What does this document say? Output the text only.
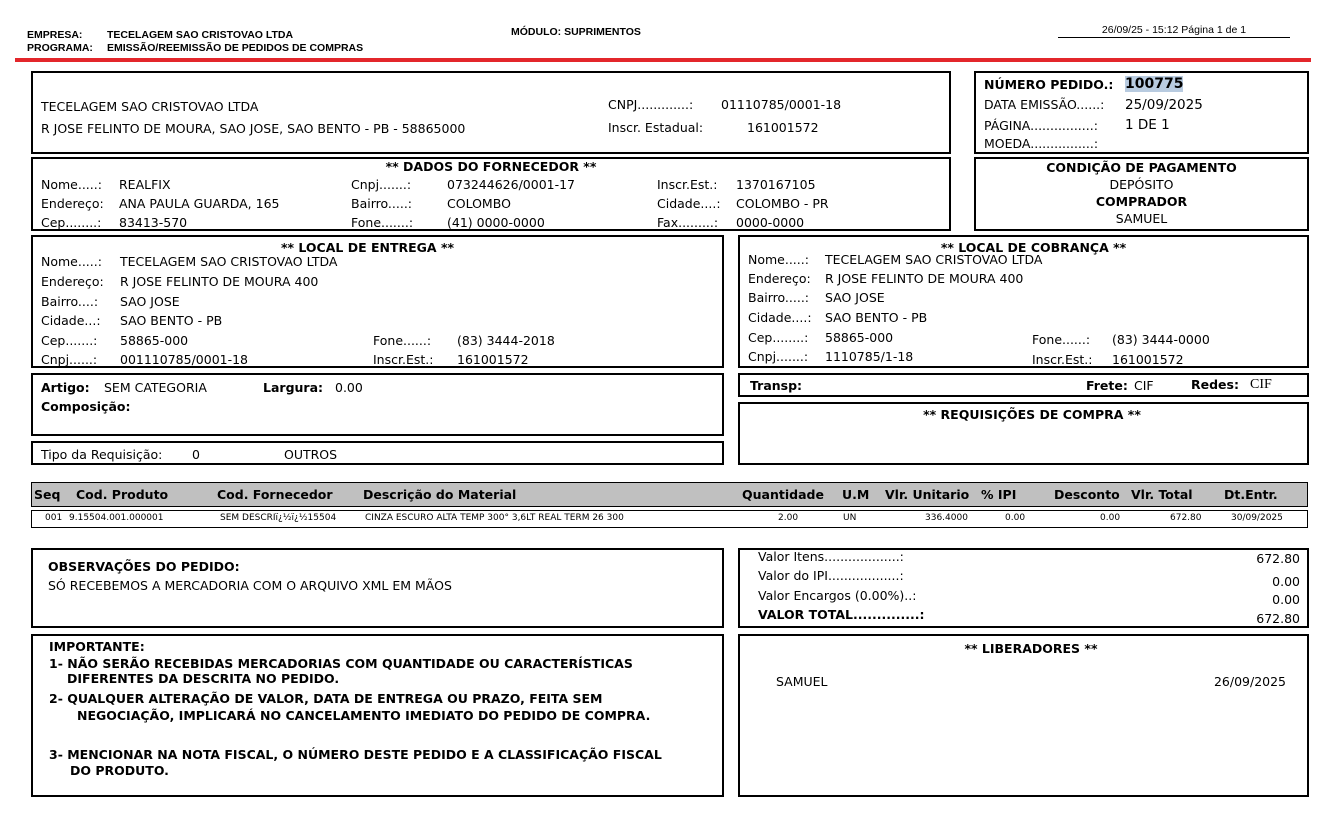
EMPRESA: TECELAGEM SAO CRISTOVAO LTDA
PROGRAMA: EMISSÃO/REEMISSÃO DE PEDIDOS DE COMPRAS
MÓDULO: SUPRIMENTOS	26/09/25 - 15:12 Página 1 de 1
TECELAGEM SAO CRISTOVAO LTDA
R JOSE FELINTO DE MOURA, SAO JOSE, SAO BENTO - PB - 58865000
CNPJ.............: 01110785/0001-18
Inscr. Estadual:	161001572
NÚMERO PEDIDO.: 100775
DATA EMISSÃO......: 25/09/2025
PÁGINA................: 1 DE 1
MOEDA................:
** DADOS DO FORNECEDOR **
Nome.....: REALFIX
Endereço: ANA PAULA GUARDA, 165
Cep........: 83413-570
Cnpj.......:	073244626/0001-17
Bairro.....:	COLOMBO
Fone.......:	(41) 0000-0000
Inscr.Est.: 1370167105
Cidade....: COLOMBO - PR
Fax.........: 0000-0000
CONDIÇÃO DE PAGAMENTO
DEPÓSITO
COMPRADOR
SAMUEL
** LOCAL DE ENTREGA **
Nome.....: TECELAGEM SAO CRISTOVAO LTDA
Endereço: R JOSE FELINTO DE MOURA 400
Bairro....: SAO JOSE
Cidade...: SAO BENTO - PB
Cep.......: 58865-000
Cnpj......: 001110785/0001-18
Fone......: (83) 3444-2018
Inscr.Est.: 161001572
** LOCAL DE COBRANÇA **
Nome.....: TECELAGEM SAO CRISTOVAO LTDA
Endereço: R JOSE FELINTO DE MOURA 400
Bairro.....: SAO JOSE
Cidade....: SAO BENTO - PB
Cep........: 58865-000
Cnpj.......: 1110785/1-18
Fone......: (83) 3444-0000
Inscr.Est.: 161001572
Artigo: SEM CATEGORIA	Largura: 0.00
Composição:
Transp:	Frete: CIF	Redes: CIF
Tipo da Requisição: 0	OUTROS
** REQUISIÇÕES DE COMPRA **
Seq Cod. Produto	Cod. Fornecedor Descrição do Material	Quantidade U.M Vlr. Unitario % IPI	Desconto Vlr. Total	Dt.Entr.
001 9.15504.001.000001	SEM DESCRIï¿½ï¿½15504	CINZA ESCURO ALTA TEMP 300° 3,6LT REAL TERM 26 300	2.00	UN	336.4000	0.00	0.00	672.80	30/09/2025
OBSERVAÇÕES DO PEDIDO:
SÓ RECEBEMOS A MERCADORIA COM O ARQUIVO XML EM MÃOS
Valor Itens...................:	672.80
Valor do IPI..................:	0.00
Valor Encargos (0.00%)..:	0.00
VALOR TOTAL..............:	672.80
IMPORTANTE:
1- NÃO SERÃO RECEBIDAS MERCADORIAS COM QUANTIDADE OU CARACTERÍSTICAS
DIFERENTES DA DESCRITA NO PEDIDO.
2- QUALQUER ALTERAÇÃO DE VALOR, DATA DE ENTREGA OU PRAZO, FEITA SEM
NEGOCIAÇÃO, IMPLICARÁ NO CANCELAMENTO IMEDIATO DO PEDIDO DE COMPRA.
3- MENCIONAR NA NOTA FISCAL, O NÚMERO DESTE PEDIDO E A CLASSIFICAÇÃO FISCAL
DO PRODUTO.
** LIBERADORES **
SAMUEL	26/09/2025
